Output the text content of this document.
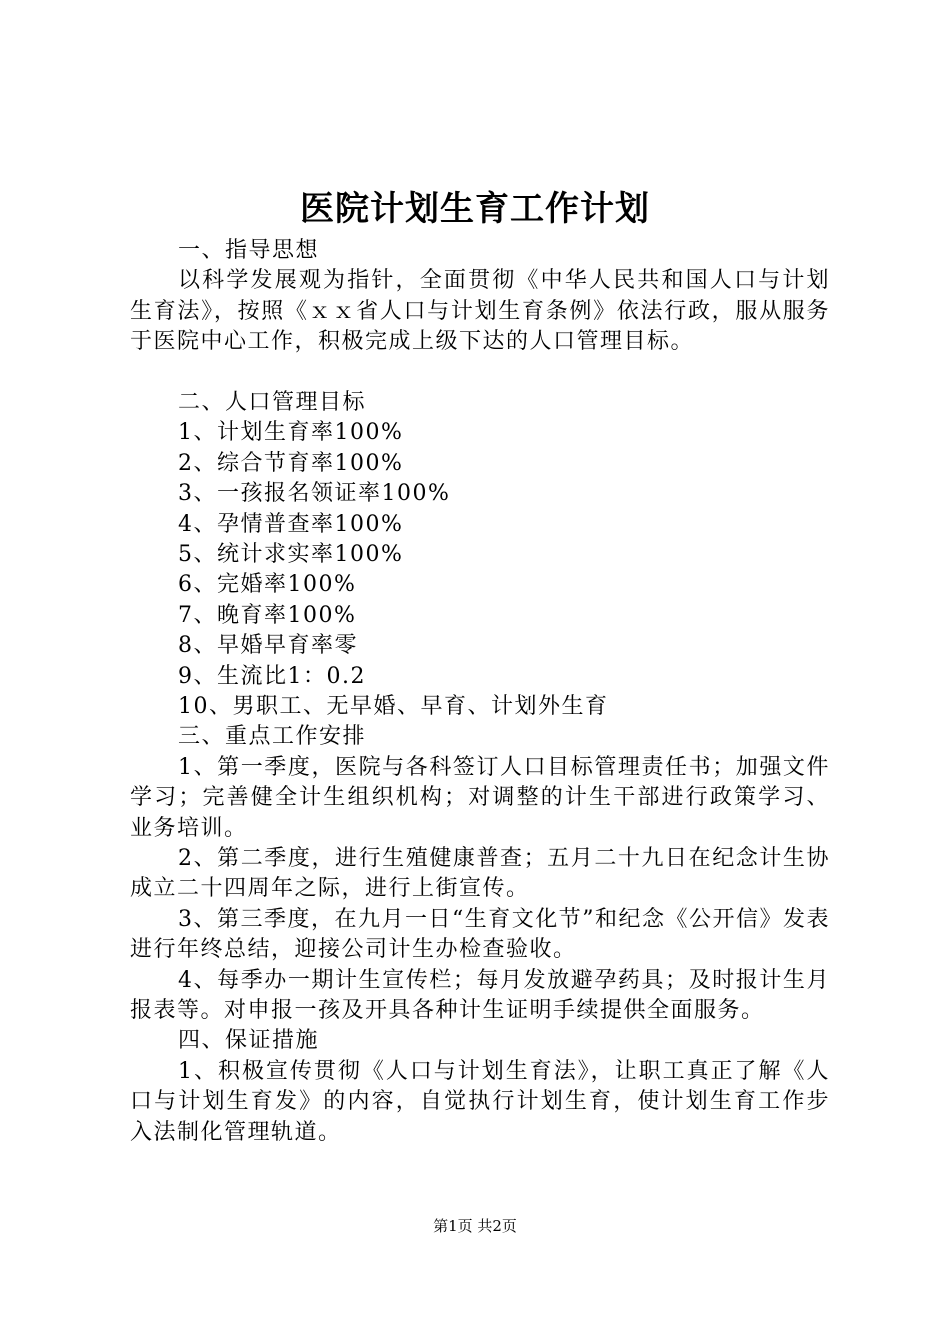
医院计划生育工作计划
一、指导思想
以科学发展观为指针，全面贯彻《中华人民共和国人口与计划生育法》，按照《ｘｘ省人口与计划生育条例》依法行政，服从服务于医院中心工作，积极完成上级下达的人口管理目标。
二、人口管理目标
1、计划生育率100%
2、综合节育率100%
3、一孩报名领证率100%
4、孕情普查率100%
5、统计求实率100%
6、完婚率100%
7、晚育率100%
8、早婚早育率零
9、生流比1：0.2
10、男职工、无早婚、早育、计划外生育
三、重点工作安排
1、第一季度，医院与各科签订人口目标管理责任书；加强文件学习；完善健全计生组织机构；对调整的计生干部进行政策学习、业务培训。
2、第二季度，进行生殖健康普查；五月二十九日在纪念计生协成立二十四周年之际，进行上街宣传。
3、第三季度，在九月一日“生育文化节”和纪念《公开信》发表进行年终总结，迎接公司计生办检查验收。
4、每季办一期计生宣传栏；每月发放避孕药具；及时报计生月报表等。对申报一孩及开具各种计生证明手续提供全面服务。
四、保证措施
1、积极宣传贯彻《人口与计划生育法》，让职工真正了解《人口与计划生育发》的内容，自觉执行计划生育，使计划生育工作步入法制化管理轨道。
第1页 共2页
